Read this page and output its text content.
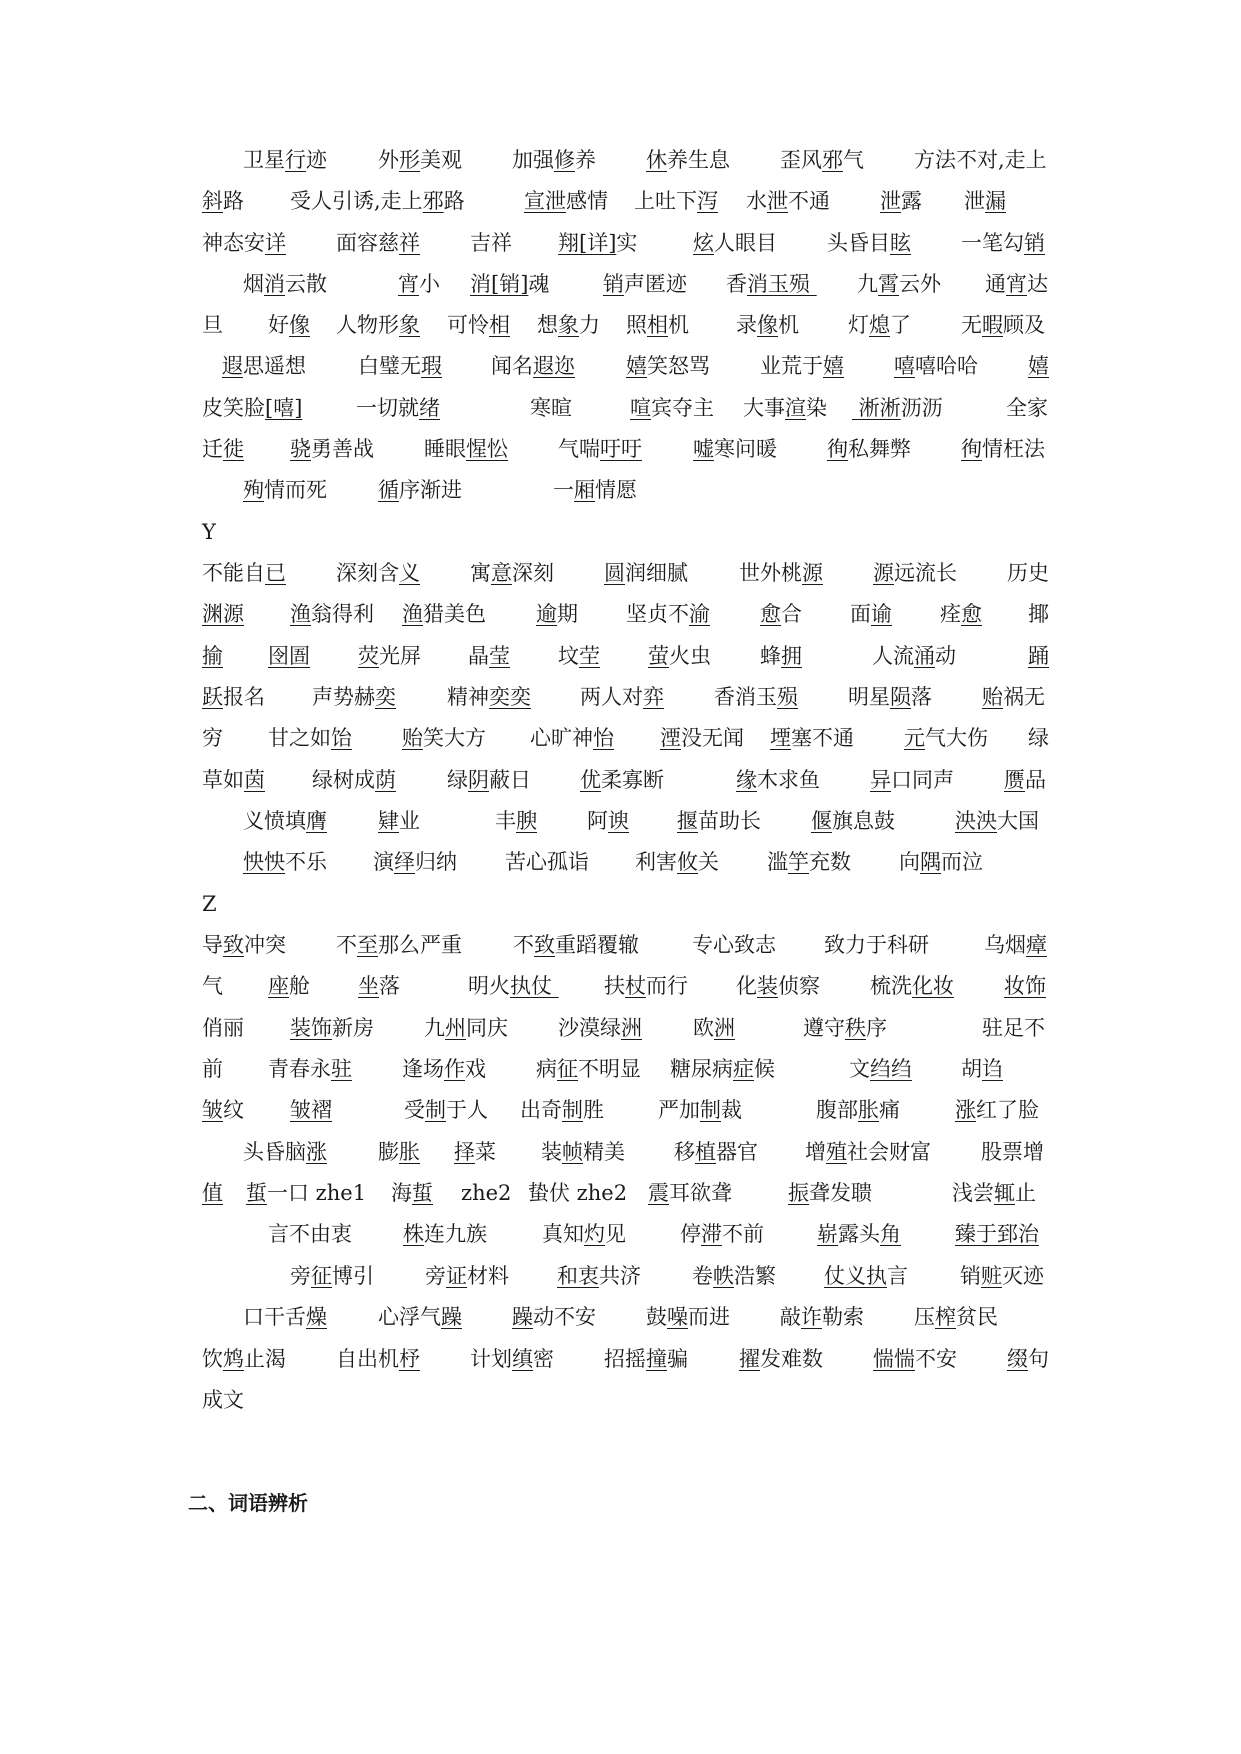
卫星行迹 外形美观 加强修养 休养生息 歪风邪气 方法不对,走上
斜路 受人引诱,走上邪路	宣泄感情 上吐下泻 水泄不通 泄露 泄漏
神态安详 面容慈祥 吉祥 翔[详]实	炫人眼目 头昏目眩 一笔勾销
烟消云散	宵小 消[销]魂	销声匿迹 香消玉殒 九霄云外 通宵达
旦 好像 人物形象 可怜相 想象力 照相机 录像机 灯熄了 无暇顾及
遐思遥想 白璧无瑕 闻名遐迩 嬉笑怒骂 业荒于嬉 嘻嘻哈哈 嬉
皮笑脸[嘻]	一切就绪	寒暄	喧宾夺主 大事渲染 淅淅沥沥	全家
迁徙 骁勇善战 睡眼惺忪 气喘吁吁 嘘寒问暖 徇私舞弊 徇情枉法
殉情而死 循序渐进	一厢情愿
Y
不能自已 深刻含义 寓意深刻 圆润细腻 世外桃源 源远流长 历史
渊源 渔翁得利 渔猎美色 逾期 坚贞不渝 愈合 面谕 痊愈 揶
揄 囹圄 荧光屏 晶莹 坟茔 萤火虫 蜂拥	人流涌动	踊
跃报名 声势赫奕 精神奕奕 两人对弈 香消玉殒 明星陨落 贻祸无
穷 甘之如饴 贻笑大方 心旷神怡 湮没无闻 堙塞不通 元气大伤 绿
草如茵 绿树成荫 绿阴蔽日 优柔寡断	缘木求鱼 异口同声 赝品
义愤填膺 肄业	丰腴 阿谀 揠苗助长 偃旗息鼓	泱泱大国
怏怏不乐 演绎归纳 苦心孤诣 利害攸关 滥竽充数 向隅而泣
Z
导致冲突 不至那么严重 不致重蹈覆辙	专心致志 致力于科研	乌烟瘴
气 座舱 坐落	明火执仗 扶杖而行 化装侦察 梳洗化妆 妆饰
俏丽 装饰新房 九州同庆 沙漠绿洲 欧洲	遵守秩序	驻足不
前 青春永驻 逢场作戏 病征不明显 糖尿病症候	文绉绉 胡诌
皱纹 皱褶	受制于人 出奇制胜	严加制裁	腹部胀痛	涨红了脸
头昏脑涨 膨胀 择菜 装帧精美 移植器官 增殖社会财富 股票增
值 蜇一口 zhe1 海蜇 zhe2 蛰伏 zhe2 震耳欲聋	振聋发聩	浅尝辄止
言不由衷 株连九族	真知灼见	停滞不前	崭露头角	臻于郅治
旁征博引 旁证材料 和衷共济 卷帙浩繁 仗义执言 销赃灭迹
口干舌燥 心浮气躁 躁动不安 鼓噪而进 敲诈勒索 压榨贫民
饮鸩止渴 自出机杼 计划缜密 招摇撞骗 擢发难数 惴惴不安 缀句
成文
二、词语辨析
